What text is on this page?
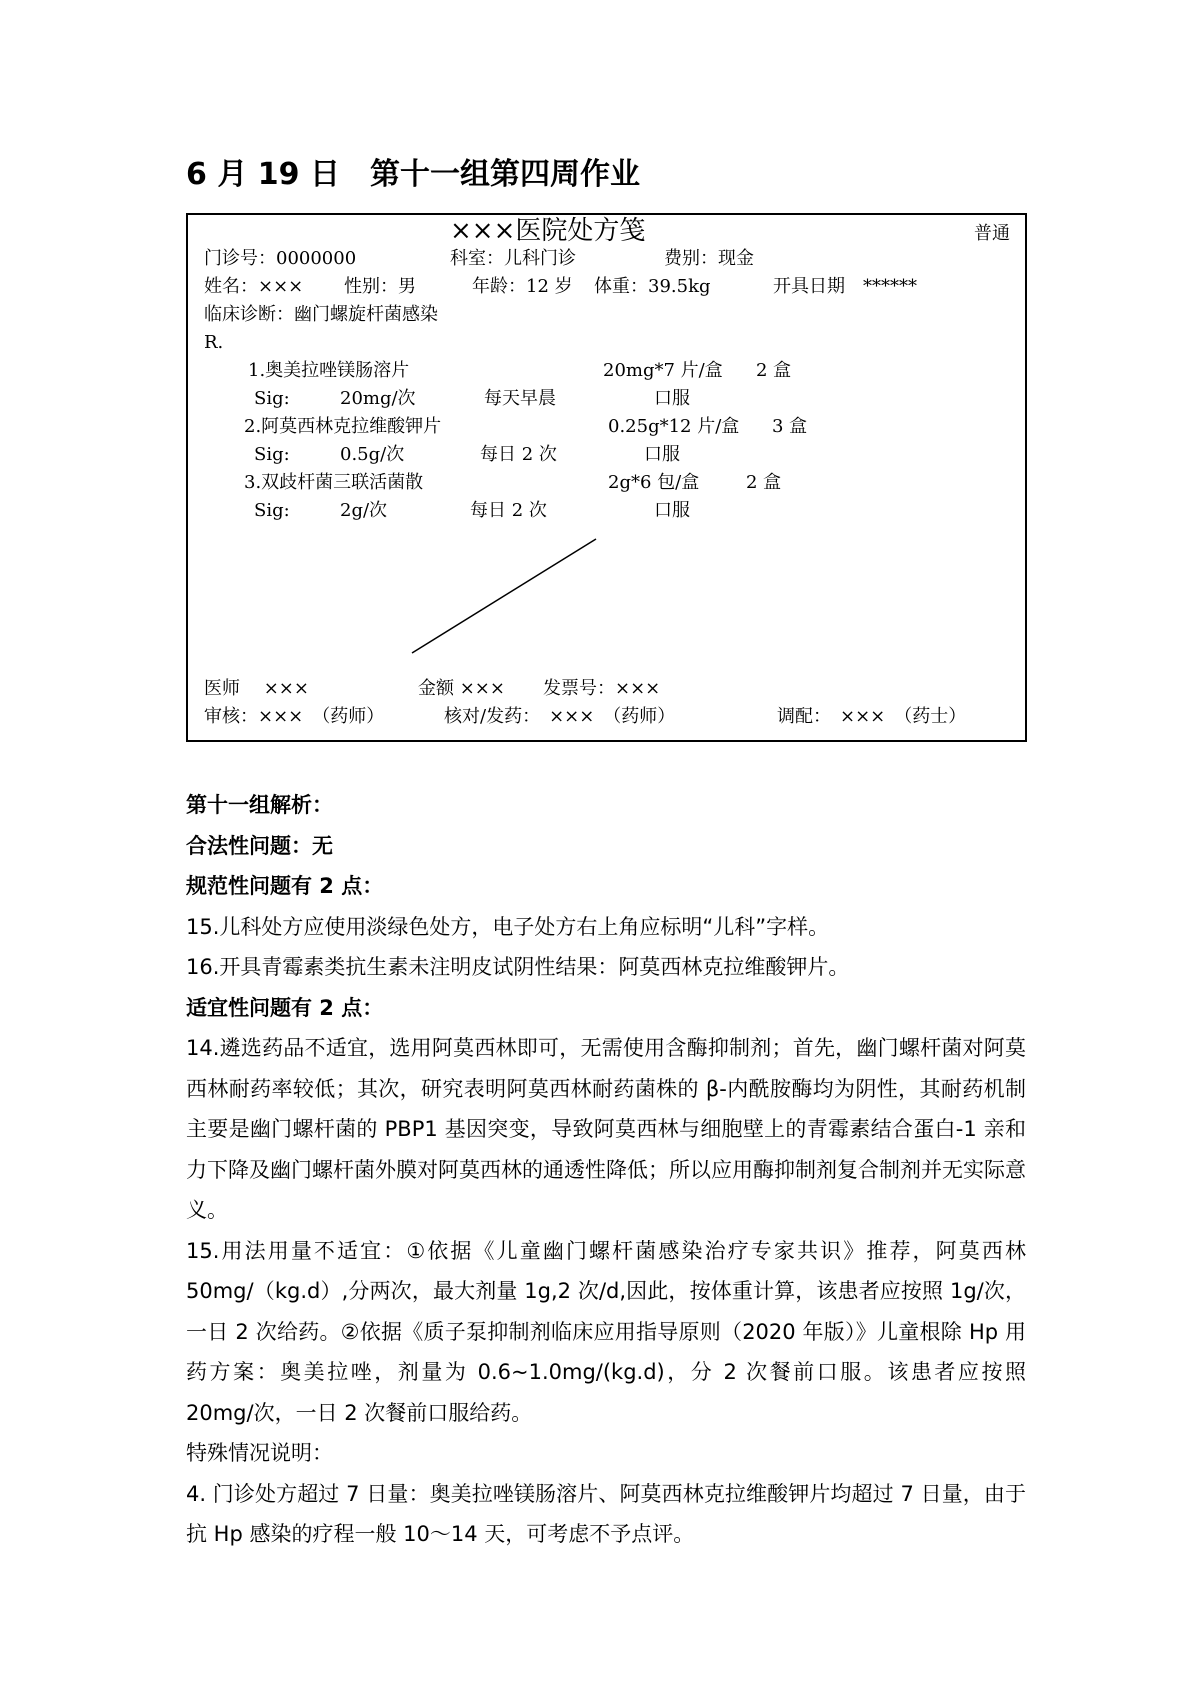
6 月 19 日　第十一组第四周作业
×××医院处方笺	普通
门诊号：0000000	科室：儿科门诊	费别：现金
姓名：××× 性别：男	年龄：12 岁 体重：39.5kg	开具日期　******
临床诊断：幽门螺旋杆菌感染
R.
1.奥美拉唑镁肠溶片	20mg*7 片/盒 2 盒
Sig:	20mg/次	每天早晨	口服
2.阿莫西林克拉维酸钾片	0.25g*12 片/盒 3 盒
Sig:	0.5g/次	每日 2 次	口服
3.双歧杆菌三联活菌散	2g*6 包/盒	2 盒
Sig:	2g/次	每日 2 次	口服
医师　 ×××	金额 ××× 发票号：×××
审核：×××　（药师）	核对/发药：　×××　（药师）	调配：　×××　（药士）

第十一组解析：

合法性问题：无

规范性问题有 2 点：

15.儿科处方应使用淡绿色处方，电子处方右上角应标明“儿科”字样。

16.开具青霉素类抗生素未注明皮试阴性结果：阿莫西林克拉维酸钾片。

适宜性问题有 2 点：

14.遴选药品不适宜，选用阿莫西林即可，无需使用含酶抑制剂；首先，幽门螺杆菌对阿莫西林耐药率较低；其次，研究表明阿莫西林耐药菌株的 β-内酰胺酶均为阴性，其耐药机制主要是幽门螺杆菌的 PBP1 基因突变，导致阿莫西林与细胞壁上的青霉素结合蛋白-1 亲和力下降及幽门螺杆菌外膜对阿莫西林的通透性降低；所以应用酶抑制剂复合制剂并无实际意义。

15.用法用量不适宜：①依据《儿童幽门螺杆菌感染治疗专家共识》推荐，阿莫西林 50mg/（kg.d）,分两次，最大剂量 1g,2 次/d,因此，按体重计算，该患者应按照 1g/次，一日 2 次给药。②依据《质子泵抑制剂临床应用指导原则（2020 年版）》儿童根除 Hp 用药方案：奥美拉唑，剂量为 0.6~1.0mg/(kg.d)，分 2 次餐前口服。该患者应按照 20mg/次，一日 2 次餐前口服给药。

特殊情况说明：

4. 门诊处方超过 7 日量：奥美拉唑镁肠溶片、阿莫西林克拉维酸钾片均超过 7 日量，由于抗 Hp 感染的疗程一般 10～14 天，可考虑不予点评。
